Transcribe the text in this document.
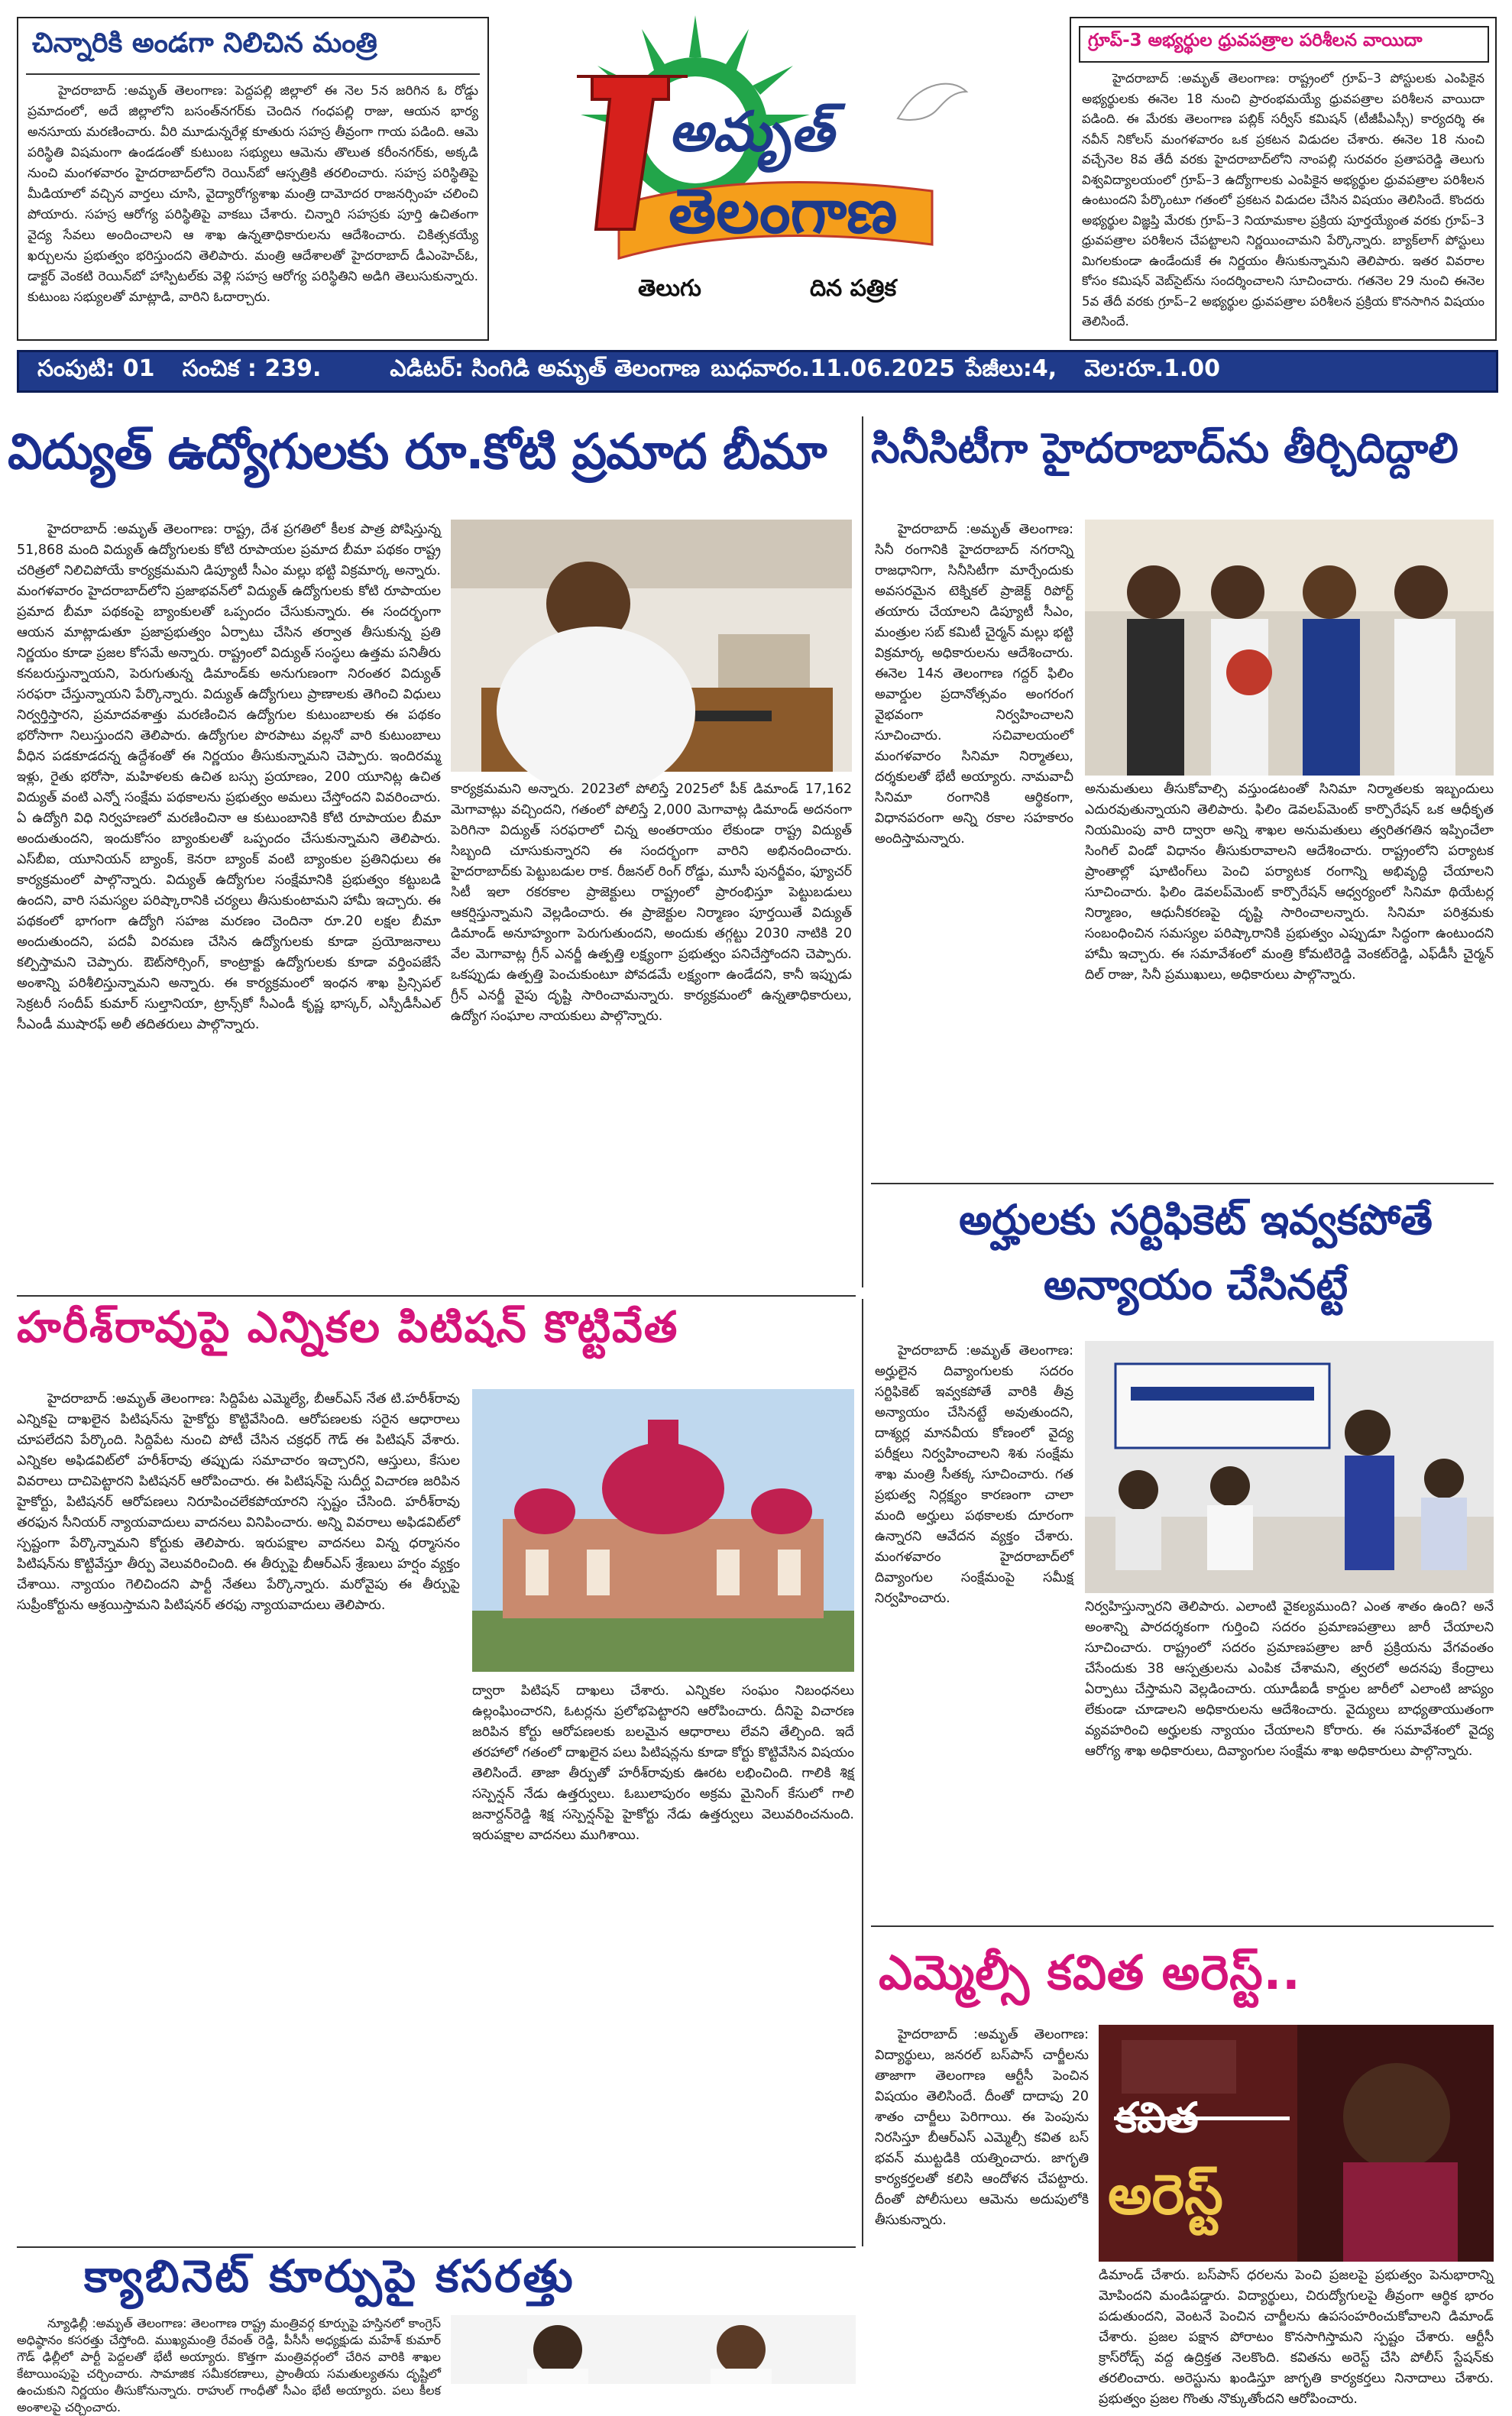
చిన్నారికి అండగా నిలిచిన మంత్రి
హైదరాబాద్ :అమృత్ తెలంగాణ: పెద్దపల్లి జిల్లాలో ఈ నెల 5న జరిగిన ఓ రోడ్డు ప్రమాదంలో, అదే జిల్లాలోని బసంత్‌నగర్‌కు చెందిన గంధపల్లి రాజు, ఆయన భార్య అనసూయ మరణించారు. వీరి మూడున్నరేళ్ల కూతురు సహస్ర తీవ్రంగా గాయ పడింది. ఆమె పరిస్థితి విషమంగా ఉండడంతో కుటుంబ సభ్యులు ఆమెను తొలుత కరీంనగర్‌కు, అక్కడి నుంచి మంగళవారం హైదరాబాద్‌లోని రెయిన్‌బో ఆస్పత్రికి తరలించారు. సహస్ర పరిస్థితిపై మీడియాలో వచ్చిన వార్తలు చూసి, వైద్యారోగ్యశాఖ మంత్రి దామోదర రాజనర్సింహ చలించి పోయారు. సహస్ర ఆరోగ్య పరిస్థితిపై వాకబు చేశారు. చిన్నారి సహస్రకు పూర్తి ఉచితంగా వైద్య సేవలు అందించాలని ఆ శాఖ ఉన్నతాధికారులను ఆదేశించారు. చికిత్సకయ్యే ఖర్చులను ప్రభుత్వం భరిస్తుందని తెలిపారు. మంత్రి ఆదేశాలతో హైదరాబాద్ డీఎంహెచ్‌ఓ, డాక్టర్ వెంకటి రెయిన్‌బో హాస్పిటల్‌కు వెళ్లి సహస్ర ఆరోగ్య పరిస్థితిని అడిగి తెలుసుకున్నారు. కుటుంబ సభ్యులతో మాట్లాడి, వారిని ఓదార్చారు.
అమృత్
తెలంగాణ
తెలుగు	దిన పత్రిక
గ్రూప్-3 అభ్యర్థుల ధ్రువపత్రాల పరిశీలన వాయిదా
హైదరాబాద్ :అమృత్ తెలంగాణ: రాష్ట్రంలో గ్రూప్–3 పోస్టులకు ఎంపికైన అభ్యర్థులకు ఈనెల 18 నుంచి ప్రారంభమయ్యే ధ్రువపత్రాల పరిశీలన వాయిదా పడింది. ఈ మేరకు తెలంగాణ పబ్లిక్ సర్వీస్ కమిషన్ (టీజీపీఎస్సీ) కార్యదర్శి ఈ నవీన్ నికోలస్ మంగళవారం ఒక ప్రకటన విడుదల చేశారు. ఈనెల 18 నుంచి వచ్చేనెల 8వ తేదీ వరకు హైదరాబాద్‌లోని నాంపల్లి సురవరం ప్రతాపరెడ్డి తెలుగు విశ్వవిద్యాలయంలో గ్రూప్–3 ఉద్యోగాలకు ఎంపికైన అభ్యర్థుల ధ్రువపత్రాల పరిశీలన ఉంటుందని పేర్కొంటూ గతంలో ప్రకటన విడుదల చేసిన విషయం తెలిసిందే. కొందరు అభ్యర్థుల విజ్ఞప్తి మేరకు గ్రూప్–3 నియామకాల ప్రక్రియ పూర్తయ్యేంత వరకు గ్రూప్–3 ధ్రువపత్రాల పరిశీలన చేపట్టాలని నిర్ణయించామని పేర్కొన్నారు. బ్యాక్‌లాగ్ పోస్టులు మిగలకుండా ఉండేందుకే ఈ నిర్ణయం తీసుకున్నామని తెలిపారు. ఇతర వివరాల కోసం కమిషన్ వెబ్‌సైట్‌ను సందర్శించాలని సూచించారు. గతనెల 29 నుంచి ఈనెల 5వ తేదీ వరకు గ్రూప్–2 అభ్యర్థుల ధ్రువపత్రాల పరిశీలన ప్రక్రియ కొనసాగిన విషయం తెలిసిందే.
సంపుటి: 01 సంచిక : 239.	ఎడిటర్: సింగిడి అమృత్ తెలంగాణ బుధవారం.11.06.2025 పేజీలు:4, వెల:రూ.1.00
విద్యుత్ ఉద్యోగులకు రూ.కోటి ప్రమాద బీమా
హైదరాబాద్ :అమృత్ తెలంగాణ: రాష్ట్ర, దేశ ప్రగతిలో కీలక పాత్ర పోషిస్తున్న 51,868 మంది విద్యుత్ ఉద్యోగులకు కోటి రూపాయల ప్రమాద బీమా పథకం రాష్ట్ర చరిత్రలో నిలిచిపోయే కార్యక్రమమని డిప్యూటీ సీఎం మల్లు భట్టి విక్రమార్క అన్నారు. మంగళవారం హైదరాబాద్‌లోని ప్రజాభవన్‌లో విద్యుత్ ఉద్యోగులకు కోటి రూపాయల ప్రమాద బీమా పథకంపై బ్యాంకులతో ఒప్పందం చేసుకున్నారు. ఈ సందర్భంగా ఆయన మాట్లాడుతూ ప్రజాప్రభుత్వం ఏర్పాటు చేసిన తర్వాత తీసుకున్న ప్రతి నిర్ణయం కూడా ప్రజల కోసమే అన్నారు. రాష్ట్రంలో విద్యుత్ సంస్థలు ఉత్తమ పనితీరు కనబరుస్తున్నాయని, పెరుగుతున్న డిమాండ్‌కు అనుగుణంగా నిరంతర విద్యుత్ సరఫరా చేస్తున్నాయని పేర్కొన్నారు. విద్యుత్ ఉద్యోగులు ప్రాణాలకు తెగించి విధులు నిర్వర్తిస్తారని, ప్రమాదవశాత్తు మరణించిన ఉద్యోగుల కుటుంబాలకు ఈ పథకం భరోసాగా నిలుస్తుందని తెలిపారు. ఉద్యోగుల పొరపాటు వల్లనో వారి కుటుంబాలు వీధిన పడకూడదన్న ఉద్దేశంతో ఈ నిర్ణయం తీసుకున్నామని చెప్పారు. ఇందిరమ్మ ఇళ్లు, రైతు భరోసా, మహిళలకు ఉచిత బస్సు ప్రయాణం, 200 యూనిట్ల ఉచిత విద్యుత్ వంటి ఎన్నో సంక్షేమ పథకాలను ప్రభుత్వం అమలు చేస్తోందని వివరించారు. ఏ ఉద్యోగి విధి నిర్వహణలో మరణించినా ఆ కుటుంబానికి కోటి రూపాయల బీమా అందుతుందని, ఇందుకోసం బ్యాంకులతో ఒప్పందం చేసుకున్నామని తెలిపారు. ఎస్‌బీఐ, యూనియన్ బ్యాంక్, కెనరా బ్యాంక్ వంటి బ్యాంకుల ప్రతినిధులు ఈ కార్యక్రమంలో పాల్గొన్నారు. విద్యుత్ ఉద్యోగుల సంక్షేమానికి ప్రభుత్వం కట్టుబడి ఉందని, వారి సమస్యల పరిష్కారానికి చర్యలు తీసుకుంటామని హామీ ఇచ్చారు. ఈ పథకంలో భాగంగా ఉద్యోగి సహజ మరణం చెందినా రూ.20 లక్షల బీమా అందుతుందని, పదవీ విరమణ చేసిన ఉద్యోగులకు కూడా ప్రయోజనాలు కల్పిస్తామని చెప్పారు. ఔట్‌సోర్సింగ్, కాంట్రాక్టు ఉద్యోగులకు కూడా వర్తింపజేసే అంశాన్ని పరిశీలిస్తున్నామని అన్నారు. ఈ కార్యక్రమంలో ఇంధన శాఖ ప్రిన్సిపల్ సెక్రటరీ సందీప్ కుమార్ సుల్తానియా, ట్రాన్స్‌కో సీఎండీ కృష్ణ భాస్కర్, ఎస్పీడీసీఎల్ సీఎండీ ముషారఫ్ అలీ తదితరులు పాల్గొన్నారు.
కార్యక్రమమని అన్నారు. 2023లో పోలిస్తే 2025లో పీక్ డిమాండ్ 17,162 మెగావాట్లు వచ్చిందని, గతంలో పోలిస్తే 2,000 మెగావాట్ల డిమాండ్ అదనంగా పెరిగినా విద్యుత్ సరఫరాలో చిన్న అంతరాయం లేకుండా రాష్ట్ర విద్యుత్ సిబ్బంది చూసుకున్నారని ఈ సందర్భంగా వారిని అభినందించారు. హైదరాబాద్‌కు పెట్టుబడుల రాక. రీజనల్ రింగ్ రోడ్డు, మూసీ పునర్జీవం, ఫ్యూచర్ సిటీ ఇలా రకరకాల ప్రాజెక్టులు రాష్ట్రంలో ప్రారంభిస్తూ పెట్టుబడులు ఆకర్షిస్తున్నామని వెల్లడించారు. ఈ ప్రాజెక్టుల నిర్మాణం పూర్తయితే విద్యుత్ డిమాండ్ అనూహ్యంగా పెరుగుతుందని, అందుకు తగ్గట్టు 2030 నాటికి 20 వేల మెగావాట్ల గ్రీన్ ఎనర్జీ ఉత్పత్తి లక్ష్యంగా ప్రభుత్వం పనిచేస్తోందని చెప్పారు. ఒకప్పుడు ఉత్పత్తి పెంచుకుంటూ పోవడమే లక్ష్యంగా ఉండేదని, కానీ ఇప్పుడు గ్రీన్ ఎనర్జీ వైపు దృష్టి సారించామన్నారు. కార్యక్రమంలో ఉన్నతాధికారులు, ఉద్యోగ సంఘాల నాయకులు పాల్గొన్నారు.
సినీసిటీగా హైదరాబాద్‌ను తీర్చిదిద్దాలి
హైదరాబాద్ :అమృత్ తెలంగాణ: సినీ రంగానికి హైదరాబాద్ నగరాన్ని రాజధానిగా, సినీసిటీగా మార్చేందుకు అవసరమైన టెక్నికల్ ప్రాజెక్ట్ రిపోర్ట్ తయారు చేయాలని డిప్యూటీ సీఎం, మంత్రుల సబ్ కమిటీ చైర్మన్ మల్లు భట్టి విక్రమార్క అధికారులను ఆదేశించారు. ఈనెల 14న తెలంగాణ గద్దర్ ఫిలిం అవార్డుల ప్రదానోత్సవం అంగరంగ వైభవంగా నిర్వహించాలని సూచించారు. సచివాలయంలో మంగళవారం సినిమా నిర్మాతలు, దర్శకులతో భేటీ అయ్యారు. నామవాచీ సినిమా రంగానికి ఆర్థికంగా, విధానపరంగా అన్ని రకాల సహకారం అందిస్తామన్నారు.
అనుమతులు తీసుకోవాల్సి వస్తుండటంతో సినిమా నిర్మాతలకు ఇబ్బందులు ఎదురవుతున్నాయని తెలిపారు. ఫిలిం డెవలప్‌మెంట్ కార్పొరేషన్ ఒక ఆధీకృత నియమింపు వారి ద్వారా అన్ని శాఖల అనుమతులు త్వరితగతిన ఇప్పించేలా సింగిల్ విండో విధానం తీసుకురావాలని ఆదేశించారు. రాష్ట్రంలోని పర్యాటక ప్రాంతాల్లో షూటింగ్‌లు పెంచి పర్యాటక రంగాన్ని అభివృద్ధి చేయాలని సూచించారు. ఫిలిం డెవలప్‌మెంట్ కార్పొరేషన్ ఆధ్వర్యంలో సినిమా థియేటర్ల నిర్మాణం, ఆధునీకరణపై దృష్టి సారించాలన్నారు. సినిమా పరిశ్రమకు సంబంధించిన సమస్యల పరిష్కారానికి ప్రభుత్వం ఎప్పుడూ సిద్ధంగా ఉంటుందని హామీ ఇచ్చారు. ఈ సమావేశంలో మంత్రి కోమటిరెడ్డి వెంకట్‌రెడ్డి, ఎఫ్‌డీసీ చైర్మన్ దిల్ రాజు, సినీ ప్రముఖులు, అధికారులు పాల్గొన్నారు.
అర్హులకు సర్టిఫికెట్ ఇవ్వకపోతే
అన్యాయం చేసినట్టే
హైదరాబాద్ :అమృత్ తెలంగాణ: అర్హులైన దివ్యాంగులకు సదరం సర్టిఫికెట్ ఇవ్వకపోతే వారికి తీవ్ర అన్యాయం చేసినట్టే అవుతుందని, దాశ్యర్ల మానవీయ కోణంలో వైద్య పరీక్షలు నిర్వహించాలని శిశు సంక్షేమ శాఖ మంత్రి సీతక్క సూచించారు. గత ప్రభుత్వ నిర్లక్ష్యం కారణంగా చాలా మంది అర్హులు పథకాలకు దూరంగా ఉన్నారని ఆవేదన వ్యక్తం చేశారు. మంగళవారం హైదరాబాద్‌లో దివ్యాంగుల సంక్షేమంపై సమీక్ష నిర్వహించారు.
నిర్వహిస్తున్నారని తెలిపారు. ఎలాంటి వైకల్యముంది? ఎంత శాతం ఉంది? అనే అంశాన్ని పారదర్శకంగా గుర్తించి సదరం ప్రమాణపత్రాలు జారీ చేయాలని సూచించారు. రాష్ట్రంలో సదరం ప్రమాణపత్రాల జారీ ప్రక్రియను వేగవంతం చేసేందుకు 38 ఆస్పత్రులను ఎంపిక చేశామని, త్వరలో అదనపు కేంద్రాలు ఏర్పాటు చేస్తామని వెల్లడించారు. యూడీఐడీ కార్డుల జారీలో ఎలాంటి జాప్యం లేకుండా చూడాలని అధికారులను ఆదేశించారు. వైద్యులు బాధ్యతాయుతంగా వ్యవహరించి అర్హులకు న్యాయం చేయాలని కోరారు. ఈ సమావేశంలో వైద్య ఆరోగ్య శాఖ అధికారులు, దివ్యాంగుల సంక్షేమ శాఖ అధికారులు పాల్గొన్నారు.
హరీశ్‌రావుపై ఎన్నికల పిటిషన్ కొట్టివేత
హైదరాబాద్ :అమృత్ తెలంగాణ: సిద్దిపేట ఎమ్మెల్యే, బీఆర్ఎస్ నేత టి.హరీశ్‌రావు ఎన్నికపై దాఖలైన పిటిషన్‌ను హైకోర్టు కొట్టివేసింది. ఆరోపణలకు సరైన ఆధారాలు చూపలేదని పేర్కొంది. సిద్దిపేట నుంచి పోటీ చేసిన చక్రధర్ గౌడ్ ఈ పిటిషన్ వేశారు. ఎన్నికల అఫిడవిట్‌లో హరీశ్‌రావు తప్పుడు సమాచారం ఇచ్చారని, ఆస్తులు, కేసుల వివరాలు దాచిపెట్టారని పిటిషనర్ ఆరోపించారు. ఈ పిటిషన్‌పై సుదీర్ఘ విచారణ జరిపిన హైకోర్టు, పిటిషనర్ ఆరోపణలు నిరూపించలేకపోయారని స్పష్టం చేసింది. హరీశ్‌రావు తరఫున సీనియర్ న్యాయవాదులు వాదనలు వినిపించారు. అన్ని వివరాలు అఫిడవిట్‌లో స్పష్టంగా పేర్కొన్నామని కోర్టుకు తెలిపారు. ఇరుపక్షాల వాదనలు విన్న ధర్మాసనం పిటిషన్‌ను కొట్టివేస్తూ తీర్పు వెలువరించింది. ఈ తీర్పుపై బీఆర్ఎస్ శ్రేణులు హర్షం వ్యక్తం చేశాయి. న్యాయం గెలిచిందని పార్టీ నేతలు పేర్కొన్నారు. మరోవైపు ఈ తీర్పుపై సుప్రీంకోర్టును ఆశ్రయిస్తామని పిటిషనర్ తరఫు న్యాయవాదులు తెలిపారు.
ద్వారా పిటిషన్ దాఖలు చేశారు. ఎన్నికల సంఘం నిబంధనలు ఉల్లంఘించారని, ఓటర్లను ప్రలోభపెట్టారని ఆరోపించారు. దీనిపై విచారణ జరిపిన కోర్టు ఆరోపణలకు బలమైన ఆధారాలు లేవని తేల్చింది. ఇదే తరహాలో గతంలో దాఖలైన పలు పిటిషన్లను కూడా కోర్టు కొట్టివేసిన విషయం తెలిసిందే. తాజా తీర్పుతో హరీశ్‌రావుకు ఊరట లభించింది. గాలికి శిక్ష సస్పెన్షన్ నేడు ఉత్తర్వులు. ఓబులాపురం అక్రమ మైనింగ్ కేసులో గాలి జనార్దన్‌రెడ్డి శిక్ష సస్పెన్షన్‌పై హైకోర్టు నేడు ఉత్తర్వులు వెలువరించనుంది. ఇరుపక్షాల వాదనలు ముగిశాయి.
ఎమ్మెల్సీ కవిత అరెస్ట్..
హైదరాబాద్ :అమృత్ తెలంగాణ: విద్యార్థులు, జనరల్ బస్‌పాస్ చార్జీలను తాజాగా తెలంగాణ ఆర్టీసీ పెంచిన విషయం తెలిసిందే. దీంతో దాదాపు 20 శాతం చార్జీలు పెరిగాయి. ఈ పెంపును నిరసిస్తూ బీఆర్ఎస్ ఎమ్మెల్సీ కవిత బస్ భవన్ ముట్టడికి యత్నించారు. జాగృతి కార్యకర్తలతో కలిసి ఆందోళన చేపట్టారు. దీంతో పోలీసులు ఆమెను అదుపులోకి తీసుకున్నారు.
కవిత
అరెస్ట్
డిమాండ్ చేశారు. బస్‌పాస్ ధరలను పెంచి ప్రజలపై ప్రభుత్వం పెనుభారాన్ని మోపిందని మండిపడ్డారు. విద్యార్థులు, చిరుద్యోగులపై తీవ్రంగా ఆర్థిక భారం పడుతుందని, వెంటనే పెంచిన చార్జీలను ఉపసంహరించుకోవాలని డిమాండ్ చేశారు. ప్రజల పక్షాన పోరాటం కొనసాగిస్తామని స్పష్టం చేశారు. ఆర్టీసీ క్రాస్‌రోడ్స్ వద్ద ఉద్రిక్తత నెలకొంది. కవితను అరెస్ట్ చేసి పోలీస్ స్టేషన్‌కు తరలించారు. అరెస్టును ఖండిస్తూ జాగృతి కార్యకర్తలు నినాదాలు చేశారు. ప్రభుత్వం ప్రజల గొంతు నొక్కుతోందని ఆరోపించారు.
క్యాబినెట్ కూర్పుపై కసరత్తు
న్యూఢిల్లీ :అమృత్ తెలంగాణ: తెలంగాణ రాష్ట్ర మంత్రివర్గ కూర్పుపై హస్తినలో కాంగ్రెస్ అధిష్ఠానం కసరత్తు చేస్తోంది. ముఖ్యమంత్రి రేవంత్ రెడ్డి, పీసీసీ అధ్యక్షుడు మహేశ్ కుమార్ గౌడ్ ఢిల్లీలో పార్టీ పెద్దలతో భేటీ అయ్యారు. కొత్తగా మంత్రివర్గంలో చేరిన వారికి శాఖల కేటాయింపుపై చర్చించారు. సామాజిక సమీకరణాలు, ప్రాంతీయ సమతుల్యతను దృష్టిలో ఉంచుకుని నిర్ణయం తీసుకోనున్నారు. రాహుల్ గాంధీతో సీఎం భేటీ అయ్యారు. పలు కీలక అంశాలపై చర్చించారు.
